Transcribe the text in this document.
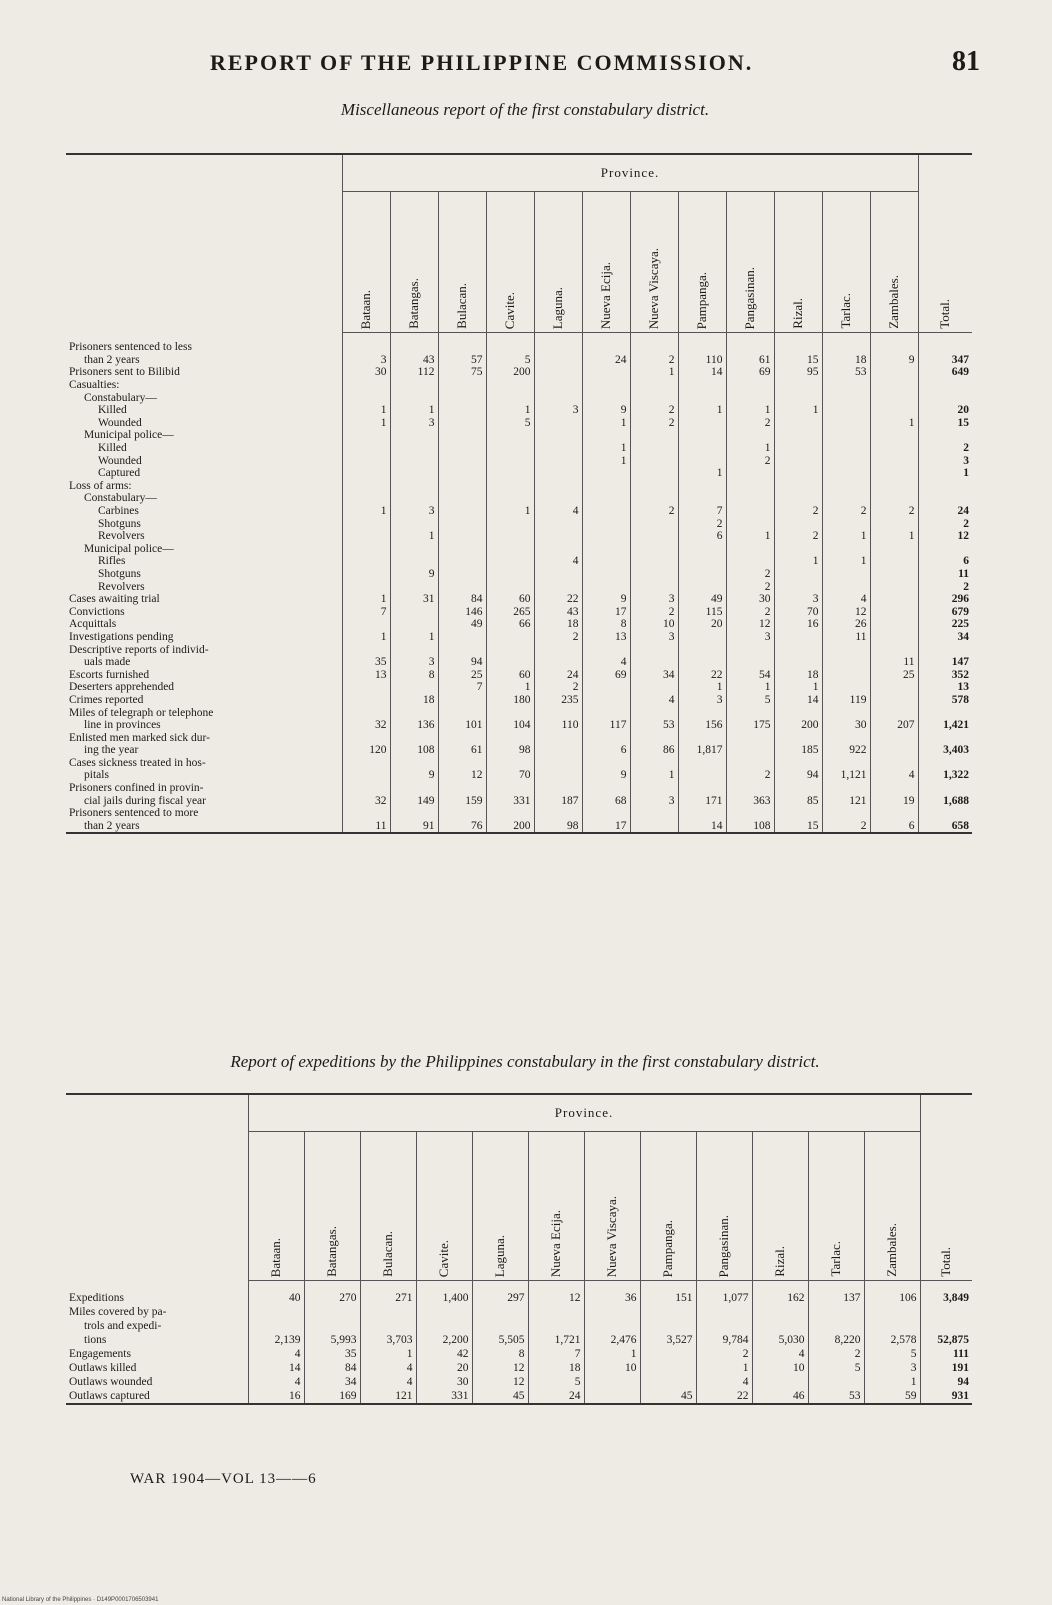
REPORT OF THE PHILIPPINE COMMISSION.	81
Miscellaneous report of the first constabulary district.
	Province.												Total.
	Bataan.	Batangas.	Bulacan.	Cavite.	Laguna.	Nueva Ecija.	Nueva Viscaya.	Pampanga.	Pangasinan.	Rizal.	Tarlac.	Zambales.	
Prisoners sentenced to less													
than 2 years	3	43	57	5		24	2	110	61	15	18	9	347
Prisoners sent to Bilibid	30	112	75	200			1	14	69	95	53		649
Casualties:													
Constabulary—													
Killed	1	1		1	3	9	2	1	1	1			20
Wounded	1	3		5		1	2		2			1	15
Municipal police—													
Killed						1			1				2
Wounded						1			2				3
Captured								1					1
Loss of arms:													
Constabulary—													
Carbines	1	3		1	4		2	7		2	2	2	24
Shotguns								2					2
Revolvers		1						6	1	2	1	1	12
Municipal police—													
Rifles					4					1	1		6
Shotguns		9							2				11
Revolvers									2				2
Cases awaiting trial	1	31	84	60	22	9	3	49	30	3	4		296
Convictions	7		146	265	43	17	2	115	2	70	12		679
Acquittals			49	66	18	8	10	20	12	16	26		225
Investigations pending	1	1			2	13	3		3		11		34
Descriptive reports of individ-													
uals made	35	3	94			4						11	147
Escorts furnished	13	8	25	60	24	69	34	22	54	18		25	352
Deserters apprehended			7	1	2			1	1	1			13
Crimes reported		18		180	235		4	3	5	14	119		578
Miles of telegraph or telephone													
line in provinces	32	136	101	104	110	117	53	156	175	200	30	207	1,421
Enlisted men marked sick dur-													
ing the year	120	108	61	98		6	86	1,817		185	922		3,403
Cases sickness treated in hos-													
pitals		9	12	70		9	1		2	94	1,121	4	1,322
Prisoners confined in provin-													
cial jails during fiscal year	32	149	159	331	187	68	3	171	363	85	121	19	1,688
Prisoners sentenced to more													
than 2 years	11	91	76	200	98	17		14	108	15	2	6	658
Report of expeditions by the Philippines constabulary in the first constabulary district.
	Province.												Total.
	Bataan.	Batangas.	Bulacan.	Cavite.	Laguna.	Nueva Ecija.	Nueva Viscaya.	Pampanga.	Pangasinan.	Rizal.	Tarlac.	Zambales.	
Expeditions	40	270	271	1,400	297	12	36	151	1,077	162	137	106	3,849
Miles covered by pa-													
trols and expedi-													
tions	2,139	5,993	3,703	2,200	5,505	1,721	2,476	3,527	9,784	5,030	8,220	2,578	52,875
Engagements	4	35	1	42	8	7	1		2	4	2	5	111
Outlaws killed	14	84	4	20	12	18	10		1	10	5	3	191
Outlaws wounded	4	34	4	30	12	5			4			1	94
Outlaws captured	16	169	121	331	45	24		45	22	46	53	59	931
WAR 1904—VOL 13——6
National Library of the Philippines · D149P0001706503941
